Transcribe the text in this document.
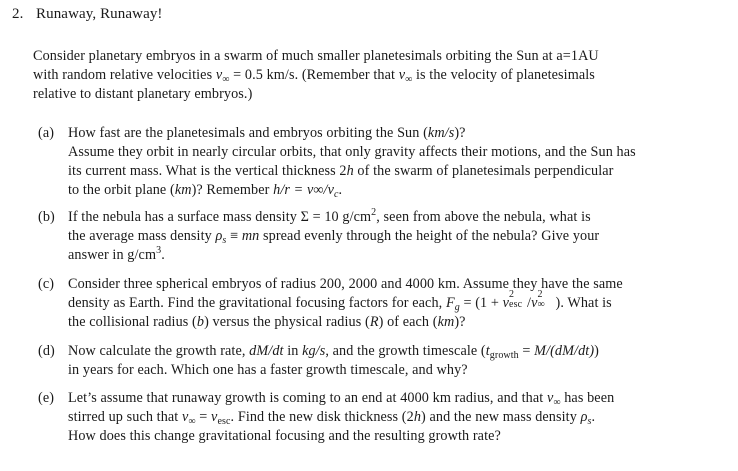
2. Runaway, Runaway!
Consider planetary embryos in a swarm of much smaller planetesimals orbiting the Sun at a=1AU
with random relative velocities $v_\infty = 0.5$ km/s. (Remember that $v_\infty$ is the velocity of planetesimals
relative to distant planetary embryos.)
(a) How fast are the planetesimals and embryos orbiting the Sun (km/s)?
Assume they orbit in nearly circular orbits, that only gravity affects their motions, and the Sun has
its current mass. What is the vertical thickness 2h of the swarm of planetesimals perpendicular
to the orbit plane (km)? Remember $h/r = v\infty/v_c$.
(b) If the nebula has a surface mass density Σ = 10 $g/cm^2$, seen from above the nebula, what is
the average mass density $\rho_s$ ≡ mn spread evenly through the height of the nebula? Give your
answer in $g/cm^3$.
(c) Consider three spherical embryos of radius 200, 2000 and 4000 km. Assume they have the same
density as Earth. Find the gravitational focusing factors for each, $F_g = (1 + v$
2
esc /v
2
∞ ). What is
the collisional radius (b) versus the physical radius (R) of each (km)?
(d) Now calculate the growth rate, dM/dt in kg/s, and the growth timescale $(t_{growth} = M/(dM/dt))$
in years for each. Which one has a faster growth timescale, and why?
(e) Let’s assume that runaway growth is coming to an end at 4000 km radius, and that $v_\infty$ has been
stirred up such that $v_\infty = v_{esc}$. Find the new disk thickness (2h) and the new mass density $\rho_s$.
How does this change gravitational focusing and the resulting growth rate?
